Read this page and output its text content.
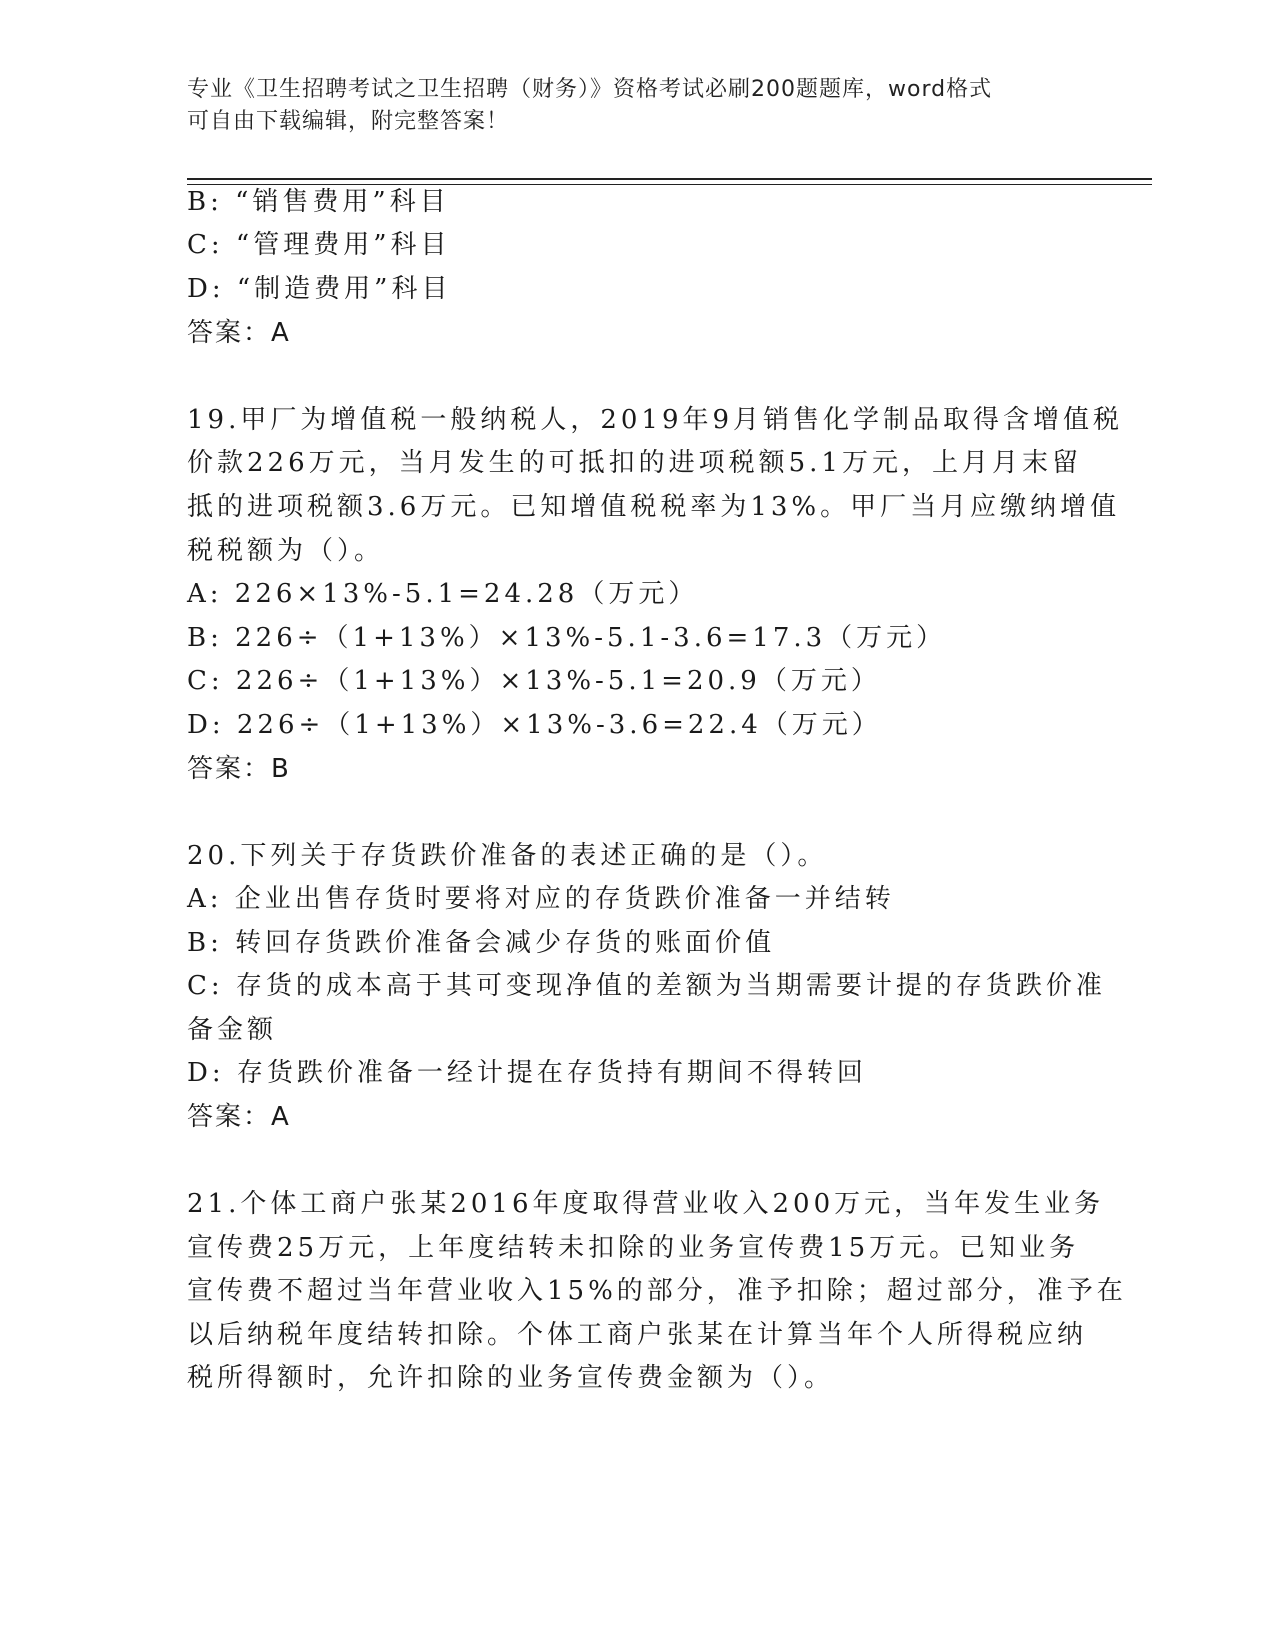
专业《卫生招聘考试之卫生招聘（财务）》资格考试必刷200题题库，word格式
可自由下载编辑，附完整答案！
B: “销售费用”科目
C: “管理费用”科目
D: “制造费用”科目
答案：A
19.甲厂为增值税一般纳税人，2019年9月销售化学制品取得含增值税
价款226万元，当月发生的可抵扣的进项税额5.1万元，上月月末留
抵的进项税额3.6万元。已知增值税税率为13%。甲厂当月应缴纳增值
税税额为（）。
A: 226×13%-5.1=24.28（万元）
B: 226÷（1+13%）×13%-5.1-3.6=17.3（万元）
C: 226÷（1+13%）×13%-5.1=20.9（万元）
D: 226÷（1+13%）×13%-3.6=22.4（万元）
答案：B
20.下列关于存货跌价准备的表述正确的是（）。
A: 企业出售存货时要将对应的存货跌价准备一并结转
B: 转回存货跌价准备会减少存货的账面价值
C: 存货的成本高于其可变现净值的差额为当期需要计提的存货跌价准
备金额
D: 存货跌价准备一经计提在存货持有期间不得转回
答案：A
21.个体工商户张某2016年度取得营业收入200万元，当年发生业务
宣传费25万元，上年度结转未扣除的业务宣传费15万元。已知业务
宣传费不超过当年营业收入15%的部分，准予扣除；超过部分，准予在
以后纳税年度结转扣除。个体工商户张某在计算当年个人所得税应纳
税所得额时，允许扣除的业务宣传费金额为（）。
